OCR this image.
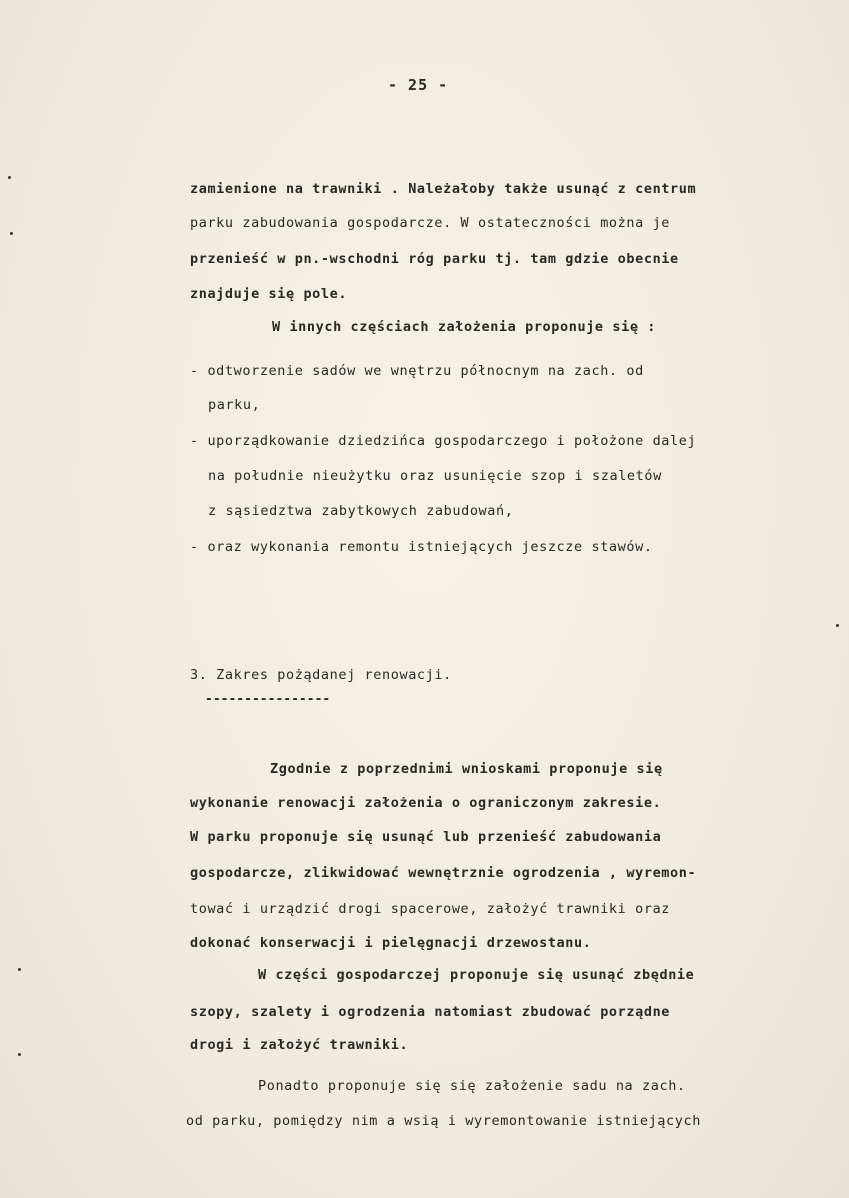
- 25 -
zamienione na trawniki . Należałoby także usunąć z centrum
parku zabudowania gospodarcze. W ostateczności można je
przenieść w pn.-wschodni róg parku tj. tam gdzie obecnie
znajduje się pole.
W innych częściach założenia proponuje się :
- odtworzenie sadów we wnętrzu północnym na zach. od
parku,
- uporządkowanie dziedzińca gospodarczego i położone dalej
na południe nieużytku oraz usunięcie szop i szaletów
z sąsiedztwa zabytkowych zabudowań,
- oraz wykonania remontu istniejących jeszcze stawów.
3. Zakres pożądanej renowacji.
----------------
Zgodnie z poprzednimi wnioskami proponuje się
wykonanie renowacji założenia o ograniczonym zakresie.
W parku proponuje się usunąć lub przenieść zabudowania
gospodarcze, zlikwidować wewnętrznie ogrodzenia , wyremon-
tować i urządzić drogi spacerowe, założyć trawniki oraz
dokonać konserwacji i pielęgnacji drzewostanu.
W części gospodarczej proponuje się usunąć zbędnie
szopy, szalety i ogrodzenia natomiast zbudować porządne
drogi i założyć trawniki.
Ponadto proponuje się się założenie sadu na zach.
od parku, pomiędzy nim a wsią i wyremontowanie istniejących
